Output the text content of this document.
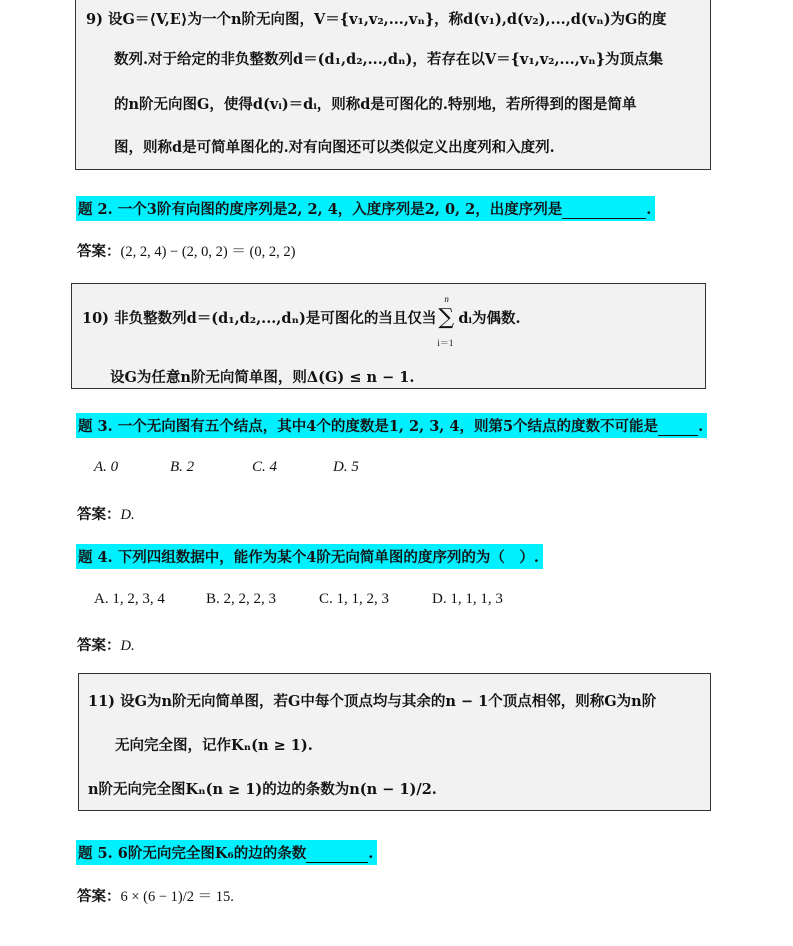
9) 设G＝⟨V,E⟩为一个n阶无向图，V＝{v₁,v₂,...,vₙ}，称d(v₁),d(v₂),...,d(vₙ)为G的度
数列.对于给定的非负整数列d＝(d₁,d₂,...,dₙ)，若存在以V＝{v₁,v₂,...,vₙ}为顶点集
的n阶无向图G，使得d(vᵢ)＝dᵢ，则称d是可图化的.特别地，若所得到的图是简单
图，则称d是可简单图化的.对有向图还可以类似定义出度列和入度列.
题 2. 一个3阶有向图的度序列是2, 2, 4，入度序列是2, 0, 2，出度序列是	.
答案：(2, 2, 4) − (2, 0, 2) ＝ (0, 2, 2)
10) 非负整数列d＝(d₁,d₂,...,dₙ)是可图化的当且仅当
n
∑
i＝1
dᵢ为偶数.
设G为任意n阶无向简单图，则Δ(G) ≤ n − 1.
题 3. 一个无向图有五个结点，其中4个的度数是1, 2, 3, 4，则第5个结点的度数不可能是	.
A. 0	B. 2	C. 4	D. 5
答案：D.
题 4. 下列四组数据中，能作为某个4阶无向简单图的度序列的为（　）.
A. 1, 2, 3, 4	B. 2, 2, 2, 3	C. 1, 1, 2, 3	D. 1, 1, 1, 3
答案：D.
11) 设G为n阶无向简单图，若G中每个顶点均与其余的n − 1个顶点相邻，则称G为n阶
无向完全图，记作Kₙ(n ≥ 1).
n阶无向完全图Kₙ(n ≥ 1)的边的条数为n(n − 1)/2.
题 5. 6阶无向完全图K₆的边的条数	.
答案：6 × (6 − 1)/2 ＝ 15.
